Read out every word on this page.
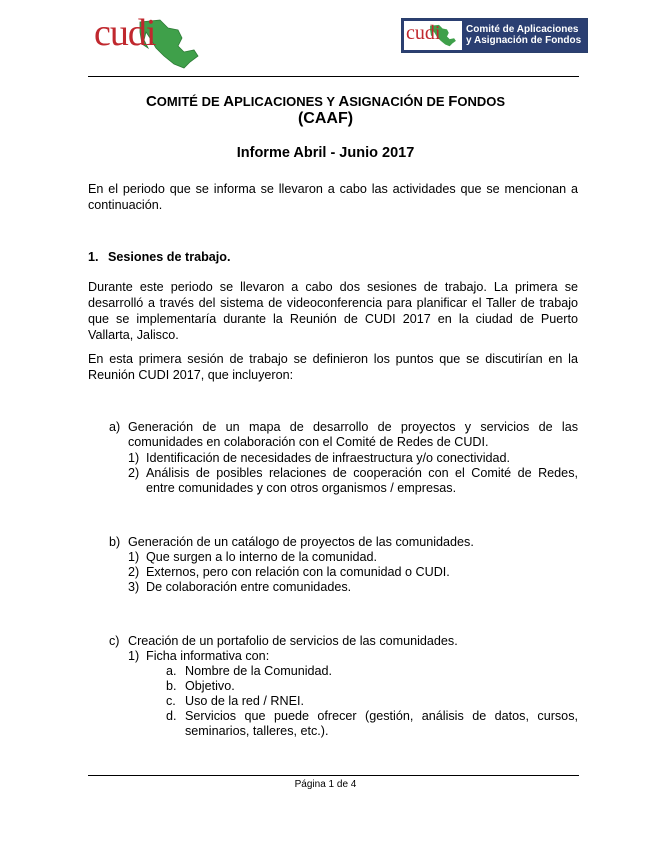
cudi	cudi	Comité de Aplicaciones
y Asignación de Fondos
COMITÉ DE APLICACIONES Y ASIGNACIÓN DE FONDOS
(CAAF)
Informe Abril - Junio 2017
En el periodo que se informa se llevaron a cabo las actividades que se mencionan a continuación.
1. Sesiones de trabajo.
Durante este periodo se llevaron a cabo dos sesiones de trabajo. La primera se desarrolló a través del sistema de videoconferencia para planificar el Taller de trabajo que se implementaría durante la Reunión de CUDI 2017 en la ciudad de Puerto Vallarta, Jalisco.
En esta primera sesión de trabajo se definieron los puntos que se discutirían en la Reunión CUDI 2017, que incluyeron:
a) Generación de un mapa de desarrollo de proyectos y servicios de las comunidades en colaboración con el Comité de Redes de CUDI.
1) Identificación de necesidades de infraestructura y/o conectividad.
2) Análisis de posibles relaciones de cooperación con el Comité de Redes, entre comunidades y con otros organismos / empresas.
b) Generación de un catálogo de proyectos de las comunidades.
1) Que surgen a lo interno de la comunidad.
2) Externos, pero con relación con la comunidad o CUDI.
3) De colaboración entre comunidades.
c) Creación de un portafolio de servicios de las comunidades.
1) Ficha informativa con:
a. Nombre de la Comunidad.
b. Objetivo.
c. Uso de la red / RNEI.
d. Servicios que puede ofrecer (gestión, análisis de datos, cursos, seminarios, talleres, etc.).
Página 1 de 4
